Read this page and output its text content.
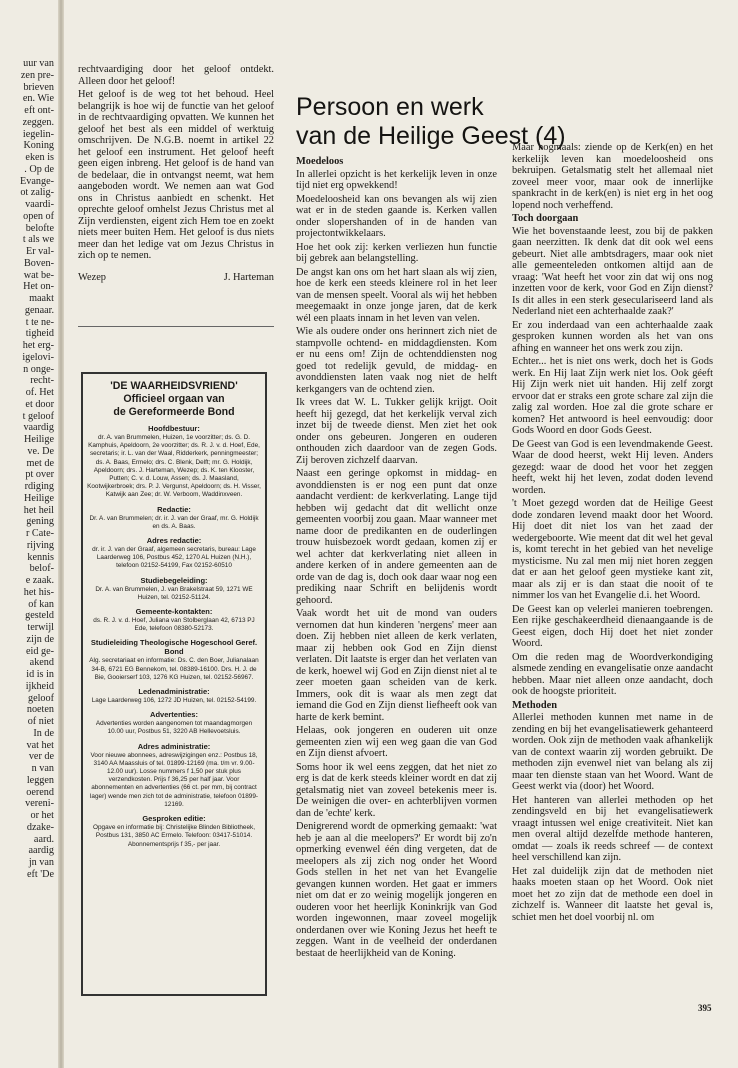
uur van
zen pre-
brieven
en. Wie
eft ont-
zeggen.
iegelin-
Koning
eken is
. Op de
Evange-
ot zalig-
vaardi-
open of
belofte
t als we
Er val-
Boven-
wat be-
Het on-
maakt
genaar.
t te ne-
tigheid
het erg-
igelovi-
n onge-
recht-
of. Het
et door
t geloof
vaardig
Heilige
ve. De
met de
pt over
rdiging
Heilige
het heil
gening
r Cate-
rijving
kennis
belof-
e zaak.
het his-
of kan
gesteld
terwijl
zijn de
eid ge-
akend
id is in
ijkheid
geloof
noeten
of niet
In de
vat het
ver de
n van
leggen
oerend
vereni-
or het
dzake-
aard.
aardig
jn van
eft 'De

rechtvaardiging door het geloof ontdekt. Alleen door het geloof!

Het geloof is de weg tot het behoud. Heel belangrijk is hoe wij de functie van het geloof in de rechtvaardiging opvatten. We kunnen het geloof het best als een middel of werktuig omschrijven. De N.G.B. noemt in artikel 22 het geloof een instrument. Het geloof heeft geen eigen inbreng. Het geloof is de hand van de bedelaar, die in ontvangst neemt, wat hem aangeboden wordt. We nemen aan wat God ons in Christus aanbiedt en schenkt. Het oprechte geloof omhelst Jezus Christus met al Zijn verdiensten, eigent zich Hem toe en zoekt niets meer buiten Hem. Het geloof is dus niets meer dan het ledige vat om Jezus Christus in zich op te nemen.

Wezep	J. Harteman
'DE WAARHEIDSVRIEND'
Officieel orgaan van
de Gereformeerde Bond
Hoofdbestuur:

dr. A. van Brummelen, Huizen, 1e voorzitter; ds. G. D. Kamphuis, Apeldoorn, 2e voorzitter; ds. R. J. v. d. Hoef, Ede, secretaris; ir. L. van der Waal, Ridderkerk, penningmeester; ds. A. Baas, Ermelo; drs. C. Blenk, Delft; mr. G. Holdijk, Apeldoorn; drs. J. Harteman, Wezep; ds. K. ten Klooster, Putten; C. v. d. Louw, Assen; ds. J. Maasland, Kootwijkerbroek; drs. P. J. Vergunst, Apeldoorn; ds. H. Visser, Katwijk aan Zee; dr. W. Verboom, Waddinxveen.

Redactie:

Dr. A. van Brummelen; dr. ir. J. van der Graaf, mr. G. Holdijk en ds. A. Baas.

Adres redactie:

dr. ir. J. van der Graaf, algemeen secretaris, bureau: Lage Laarderweg 106, Postbus 452, 1270 AL Huizen (N.H.), telefoon 02152-54199, Fax 02152-60510

Studiebegeleiding:

Dr. A. van Brummelen, J. van Brakelstraat 59, 1271 WE Huizen, tel. 02152-51124.

Gemeente-kontakten:

ds. R. J. v. d. Hoef, Juliana van Stolberglaan 42, 6713 PJ Ede, telefoon 08380-52173.

Studieleiding Theologische Hogeschool Geref. Bond

Alg. secretariaat en informatie: Ds. C. den Boer, Julianalaan 34-B, 6721 EG Bennekom, tel. 08389-16100. Drs. H. J. de Bie, Gooierserf 103, 1276 KG Huizen, tel. 02152-56967.

Ledenadministratie:

Lage Laarderweg 106, 1272 JD Huizen, tel. 02152-54199.

Advertenties:

Advertenties worden aangenomen tot maandagmorgen 10.00 uur, Postbus 51, 3220 AB Hellevoetsluis.

Adres administratie:

Voor nieuwe abonnees, adreswijzigingen enz.: Postbus 18, 3140 AA Maassluis of tel. 01899-12169 (ma. t/m vr. 9.00-12.00 uur). Losse nummers f 1,50 per stuk plus verzendkosten. Prijs f 36,25 per half jaar. Voor abonnementen en advertenties (66 ct. per mm, bij contract lager) wende men zich tot de administratie, telefoon 01899-12169.

Gesproken editie:

Opgave en informatie bij: Christelijke Blinden Bibliotheek, Postbus 131, 3850 AC Ermelo. Telefoon: 03417-51014. Abonnementsprijs f 35,- per jaar.

Persoon en werk
van de Heilige Geest (4)
Moedeloos

In allerlei opzicht is het kerkelijk leven in onze tijd niet erg opwekkend!

Moedeloosheid kan ons bevangen als wij zien wat er in de steden gaande is. Kerken vallen onder slopershanden of in de handen van projectontwikkelaars.

Hoe het ook zij: kerken verliezen hun functie bij gebrek aan belangstelling.

De angst kan ons om het hart slaan als wij zien, hoe de kerk een steeds kleinere rol in het leer van de mensen speelt. Vooral als wij het hebben meegemaakt in onze jonge jaren, dat de kerk wél een plaats innam in het leven van velen.

Wie als oudere onder ons herinnert zich niet de stampvolle ochtend- en middagdiensten. Kom er nu eens om! Zijn de ochtenddiensten nog goed tot redelijk gevuld, de middag- en avonddiensten laten vaak nog niet de helft kerkgangers van de ochtend zien.

Ik vrees dat W. L. Tukker gelijk krijgt. Ooit heeft hij gezegd, dat het kerkelijk verval zich inzet bij de tweede dienst. Men ziet het ook onder ons gebeuren. Jongeren en ouderen onthouden zich daardoor van de zegen Gods. Zij beroven zichzelf daarvan.

Naast een geringe opkomst in middag- en avonddiensten is er nog een punt dat onze aandacht verdient: de kerkverlating. Lange tijd hebben wij gedacht dat dit wellicht onze gemeenten voorbij zou gaan. Maar wanneer met name door de predikanten en de ouderlingen trouw huisbezoek wordt gedaan, komen zij er wel achter dat kerkverlating niet alleen in andere kerken of in andere gemeenten aan de orde van de dag is, doch ook daar waar nog een prediking naar Schrift en belijdenis wordt gehoord.

Vaak wordt het uit de mond van ouders vernomen dat hun kinderen 'nergens' meer aan doen. Zij hebben niet alleen de kerk verlaten, maar zij hebben ook God en Zijn dienst verlaten. Dit laatste is erger dan het verlaten van de kerk, hoewel wij God en Zijn dienst niet al te zeer moeten gaan scheiden van de kerk. Immers, ook dit is waar als men zegt dat iemand die God en Zijn dienst liefheeft ook van harte de kerk bemint.

Helaas, ook jongeren en ouderen uit onze gemeenten zien wij een weg gaan die van God en Zijn dienst afvoert.

Soms hoor ik wel eens zeggen, dat het niet zo erg is dat de kerk steeds kleiner wordt en dat zij getalsmatig niet van zoveel betekenis meer is. De weinigen die over- en achterblijven vormen dan de 'echte' kerk.

Denigrerend wordt de opmerking gemaakt: 'wat heb je aan al die meelopers?' Er wordt bij zo'n opmerking evenwel één ding vergeten, dat de meelopers als zij zich nog onder het Woord Gods stellen in het net van het Evangelie gevangen kunnen worden. Het gaat er immers niet om dat er zo weinig mogelijk jongeren en ouderen voor het heerlijk Koninkrijk van God worden ingewonnen, maar zoveel mogelijk onderdanen over wie Koning Jezus het heeft te zeggen. Want in de veelheid der onderdanen bestaat de heerlijkheid van de Koning.

Maar nogmaals: ziende op de Kerk(en) en het kerkelijk leven kan moedeloosheid ons bekruipen. Getalsmatig stelt het allemaal niet zoveel meer voor, maar ook de innerlijke spankracht in de kerk(en) is niet erg in het oog lopend noch verheffend.

Toch doorgaan

Wie het bovenstaande leest, zou bij de pakken gaan neerzitten. Ik denk dat dit ook wel eens gebeurt. Niet alle ambtsdragers, maar ook niet alle gemeenteleden ontkomen altijd aan de vraag: 'Wat heeft het voor zin dat wij ons nog inzetten voor de kerk, voor God en Zijn dienst? Is dit alles in een sterk geseculariseerd land als Nederland niet een achterhaalde zaak?'

Er zou inderdaad van een achterhaalde zaak gesproken kunnen worden als het van ons afhing en wanneer het ons werk zou zijn.

Echter... het is niet ons werk, doch het is Gods werk. En Hij laat Zijn werk niet los. Ook géeft Hij Zijn werk niet uit handen. Hij zelf zorgt ervoor dat er straks een grote schare zal zijn die zalig zal worden. Hoe zal die grote schare er komen? Het antwoord is heel eenvoudig: door Gods Woord en door Gods Geest.

De Geest van God is een levendmakende Geest. Waar de dood heerst, wekt Hij leven. Anders gezegd: waar de dood het voor het zeggen heeft, wekt hij het leven, zodat doden levend worden.

't Moet gezegd worden dat de Heilige Geest dode zondaren levend maakt door het Woord. Hij doet dit niet los van het zaad der wedergeboorte. Wie meent dat dit wel het geval is, komt terecht in het gebied van het nevelige mysticisme. Nu zal men mij niet horen zeggen dat er aan het geloof geen mystieke kant zit, maar als zij er is dan staat die nooit of te nimmer los van het Evangelie d.i. het Woord.

De Geest kan op velerlei manieren toebrengen. Een rijke geschakeerdheid dienaangaande is de Geest eigen, doch Hij doet het niet zonder Woord.

Om die reden mag de Woordverkondiging alsmede zending en evangelisatie onze aandacht hebben. Maar niet alleen onze aandacht, doch ook de hoogste prioriteit.

Methoden

Allerlei methoden kunnen met name in de zending en bij het evangelisatiewerk gehanteerd worden. Ook zijn de methoden vaak afhankelijk van de context waarin zij worden gebruikt. De methoden zijn evenwel niet van belang als zij maar ten dienste staan van het Woord. Want de Geest werkt via (door) het Woord.

Het hanteren van allerlei methoden op het zendingsveld en bij het evangelisatiewerk vraagt intussen wel enige creativiteit. Niet kan men overal altijd dezelfde methode hanteren, omdat — zoals ik reeds schreef — de context heel verschillend kan zijn.

Het zal duidelijk zijn dat de methoden niet haaks moeten staan op het Woord. Ook niet moet het zo zijn dat de methode een doel in zichzelf is. Wanneer dit laatste het geval is, schiet men het doel voorbij nl. om

395
